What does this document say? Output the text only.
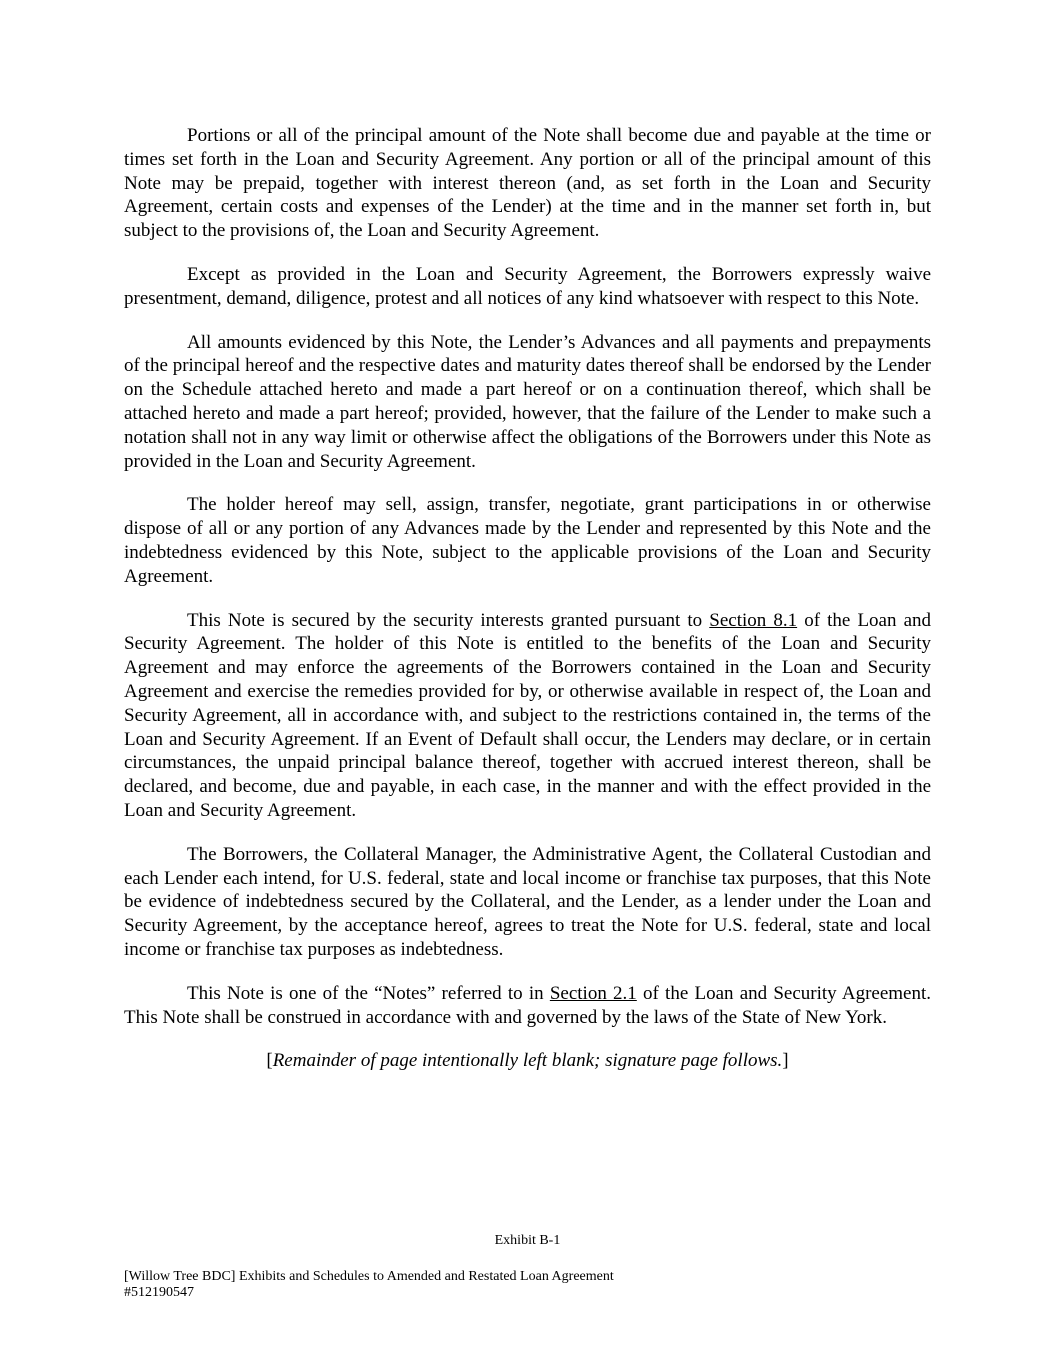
Portions or all of the principal amount of the Note shall become due and payable at the time or times set forth in the Loan and Security Agreement. Any portion or all of the principal amount of this Note may be prepaid, together with interest thereon (and, as set forth in the Loan and Security Agreement, certain costs and expenses of the Lender) at the time and in the manner set forth in, but subject to the provisions of, the Loan and Security Agreement.

Except as provided in the Loan and Security Agreement, the Borrowers expressly waive presentment, demand, diligence, protest and all notices of any kind whatsoever with respect to this Note.

All amounts evidenced by this Note, the Lender’s Advances and all payments and prepayments of the principal hereof and the respective dates and maturity dates thereof shall be endorsed by the Lender on the Schedule attached hereto and made a part hereof or on a continuation thereof, which shall be attached hereto and made a part hereof; provided, however, that the failure of the Lender to make such a notation shall not in any way limit or otherwise affect the obligations of the Borrowers under this Note as provided in the Loan and Security Agreement.

The holder hereof may sell, assign, transfer, negotiate, grant participations in or otherwise dispose of all or any portion of any Advances made by the Lender and represented by this Note and the indebtedness evidenced by this Note, subject to the applicable provisions of the Loan and Security Agreement.

This Note is secured by the security interests granted pursuant to Section 8.1 of the Loan and Security Agreement. The holder of this Note is entitled to the benefits of the Loan and Security Agreement and may enforce the agreements of the Borrowers contained in the Loan and Security Agreement and exercise the remedies provided for by, or otherwise available in respect of, the Loan and Security Agreement, all in accordance with, and subject to the restrictions contained in, the terms of the Loan and Security Agreement. If an Event of Default shall occur, the Lenders may declare, or in certain circumstances, the unpaid principal balance thereof, together with accrued interest thereon, shall be declared, and become, due and payable, in each case, in the manner and with the effect provided in the Loan and Security Agreement.

The Borrowers, the Collateral Manager, the Administrative Agent, the Collateral Custodian and each Lender each intend, for U.S. federal, state and local income or franchise tax purposes, that this Note be evidence of indebtedness secured by the Collateral, and the Lender, as a lender under the Loan and Security Agreement, by the acceptance hereof, agrees to treat the Note for U.S. federal, state and local income or franchise tax purposes as indebtedness.

This Note is one of the “Notes” referred to in Section 2.1 of the Loan and Security Agreement. This Note shall be construed in accordance with and governed by the laws of the State of New York.

[Remainder of page intentionally left blank; signature page follows.]

Exhibit B-1
[Willow Tree BDC] Exhibits and Schedules to Amended and Restated Loan Agreement
#512190547
